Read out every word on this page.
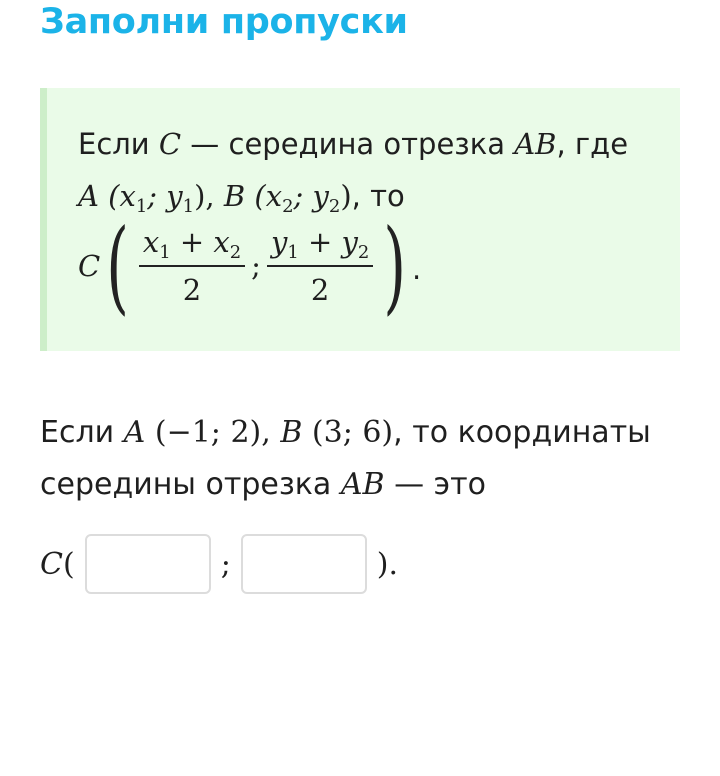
Заполни пропуски
Если C — середина отрезка AB, где
A ($x_1$; $y_1$), B ($x_2$; $y_2$), то
C ( $\frac{x_1 + x_2}{2}$ ; $\frac{y_1 + y_2}{2}$ ) .
Если A (−1; 2), B (3; 6), то координаты
середины отрезка AB — это
C (	;	).
